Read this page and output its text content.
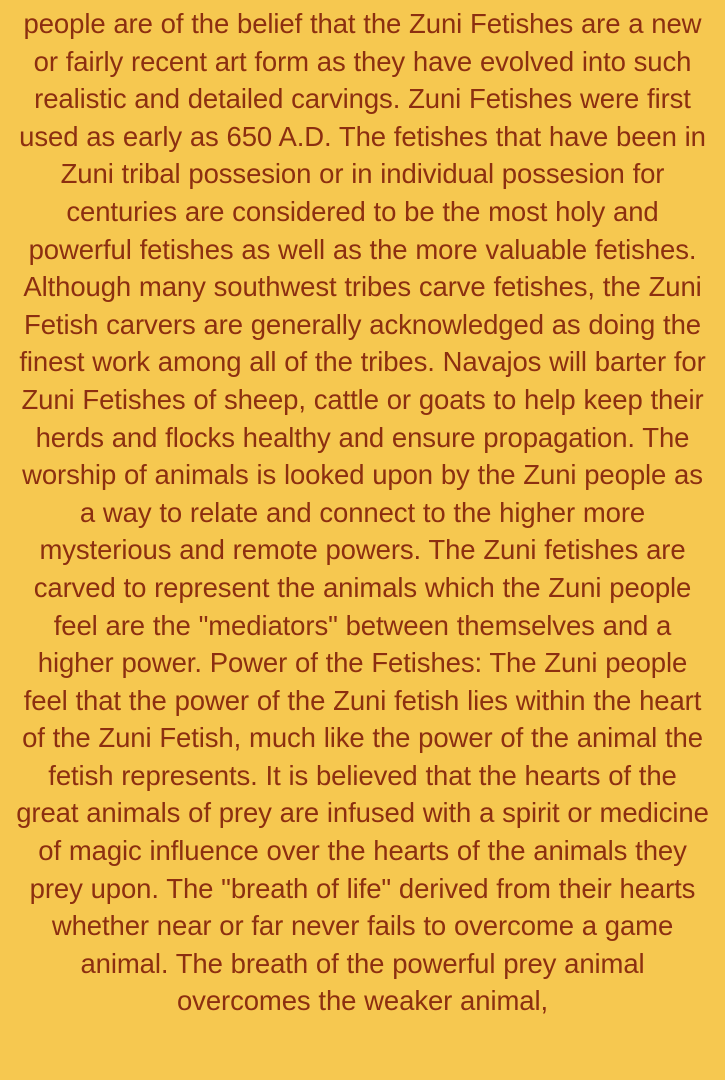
people are of the belief that the Zuni Fetishes are a new or fairly recent art form as they have evolved into such realistic and detailed carvings. Zuni Fetishes were first used as early as 650 A.D. The fetishes that have been in Zuni tribal possesion or in individual possesion for centuries are considered to be the most holy and powerful fetishes as well as the more valuable fetishes. Although many southwest tribes carve fetishes, the Zuni Fetish carvers are generally acknowledged as doing the finest work among all of the tribes. Navajos will barter for Zuni Fetishes of sheep, cattle or goats to help keep their herds and flocks healthy and ensure propagation. The worship of animals is looked upon by the Zuni people as a way to relate and connect to the higher more mysterious and remote powers. The Zuni fetishes are carved to represent the animals which the Zuni people feel are the "mediators" between themselves and a higher power. Power of the Fetishes: The Zuni people feel that the power of the Zuni fetish lies within the heart of the Zuni Fetish, much like the power of the animal the fetish represents. It is believed that the hearts of the great animals of prey are infused with a spirit or medicine of magic influence over the hearts of the animals they prey upon. The "breath of life" derived from their hearts whether near or far never fails to overcome a game animal. The breath of the powerful prey animal overcomes the weaker animal,
